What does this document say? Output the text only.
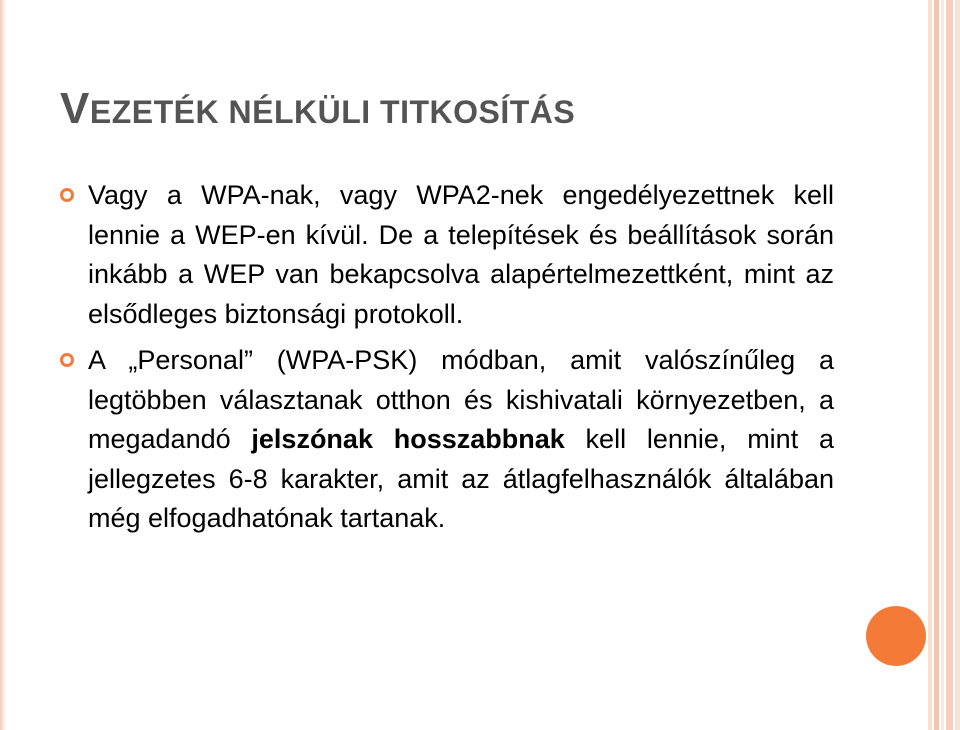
VEZETÉK NÉLKÜLI TITKOSÍTÁS
Vagy a WPA-nak, vagy WPA2-nek engedélyezettnek kell lennie a WEP-en kívül. De a telepítések és beállítások során inkább a WEP van bekapcsolva alapértelmezettként, mint az elsődleges biztonsági protokoll.
A „Personal” (WPA-PSK) módban, amit valószínűleg a legtöbben választanak otthon és kishivatali környezetben, a megadandó jelszónak hosszabbnak kell lennie, mint a jellegzetes 6-8 karakter, amit az átlagfelhasználók általában még elfogadhatónak tartanak.
